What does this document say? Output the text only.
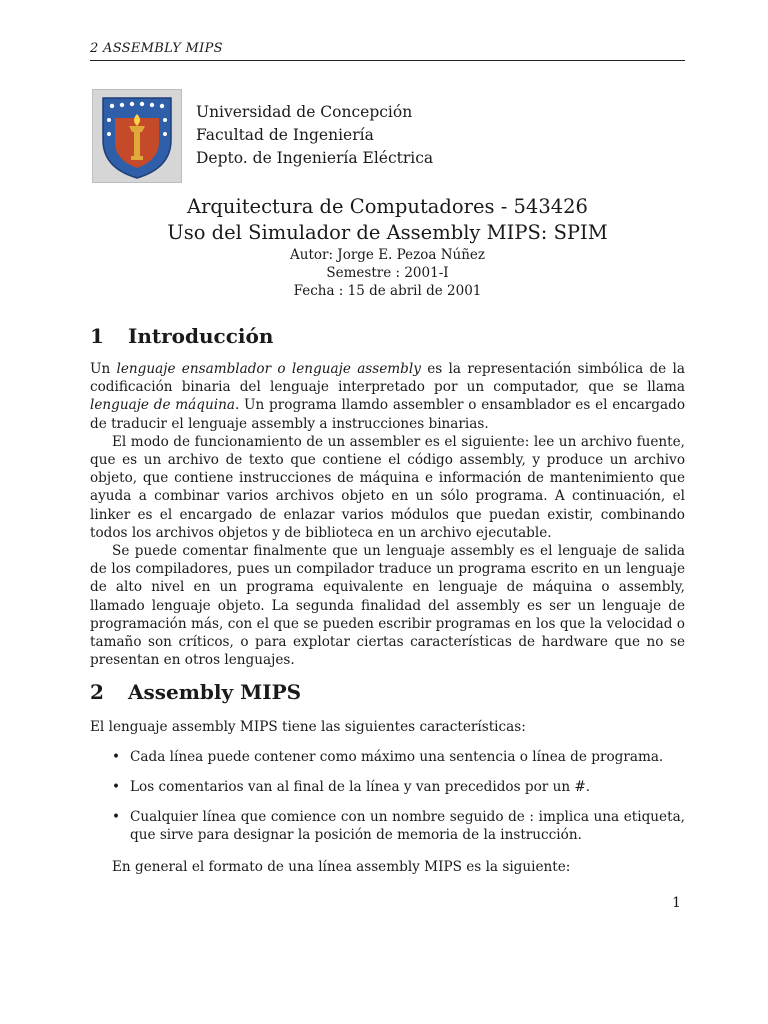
2 ASSEMBLY MIPS
Universidad de Concepción
Facultad de Ingeniería
Depto. de Ingeniería Eléctrica
Arquitectura de Computadores - 543426
Uso del Simulador de Assembly MIPS: SPIM
Autor: Jorge E. Pezoa Núñez
Semestre : 2001-I
Fecha : 15 de abril de 2001
1 Introducción

Un lenguaje ensamblador o lenguaje assembly es la representación simbólica de la codificación binaria del lenguaje interpretado por un computador, que se llama lenguaje de máquina. Un programa llamdo assembler o ensamblador es el encargado de traducir el lenguaje assembly a instrucciones binarias.

El modo de funcionamiento de un assembler es el siguiente: lee un archivo fuente, que es un archivo de texto que contiene el código assembly, y produce un archivo objeto, que contiene instrucciones de máquina e información de mantenimiento que ayuda a combinar varios archivos objeto en un sólo programa. A continuación, el linker es el encargado de enlazar varios módulos que puedan existir, combinando todos los archivos objetos y de biblioteca en un archivo ejecutable.

Se puede comentar finalmente que un lenguaje assembly es el lenguaje de salida de los compiladores, pues un compilador traduce un programa escrito en un lenguaje de alto nivel en un programa equivalente en lenguaje de máquina o assembly, llamado lenguaje objeto. La segunda finalidad del assembly es ser un lenguaje de programación más, con el que se pueden escribir programas en los que la velocidad o tamaño son críticos, o para explotar ciertas características de hardware que no se presentan en otros lenguajes.

2 Assembly MIPS
El lenguaje assembly MIPS tiene las siguientes características:
• Cada línea puede contener como máximo una sentencia o línea de programa.
• Los comentarios van al final de la línea y van precedidos por un #.
• Cualquier línea que comience con un nombre seguido de : implica una etiqueta, que sirve para designar la posición de memoria de la instrucción.
En general el formato de una línea assembly MIPS es la siguiente:
1
